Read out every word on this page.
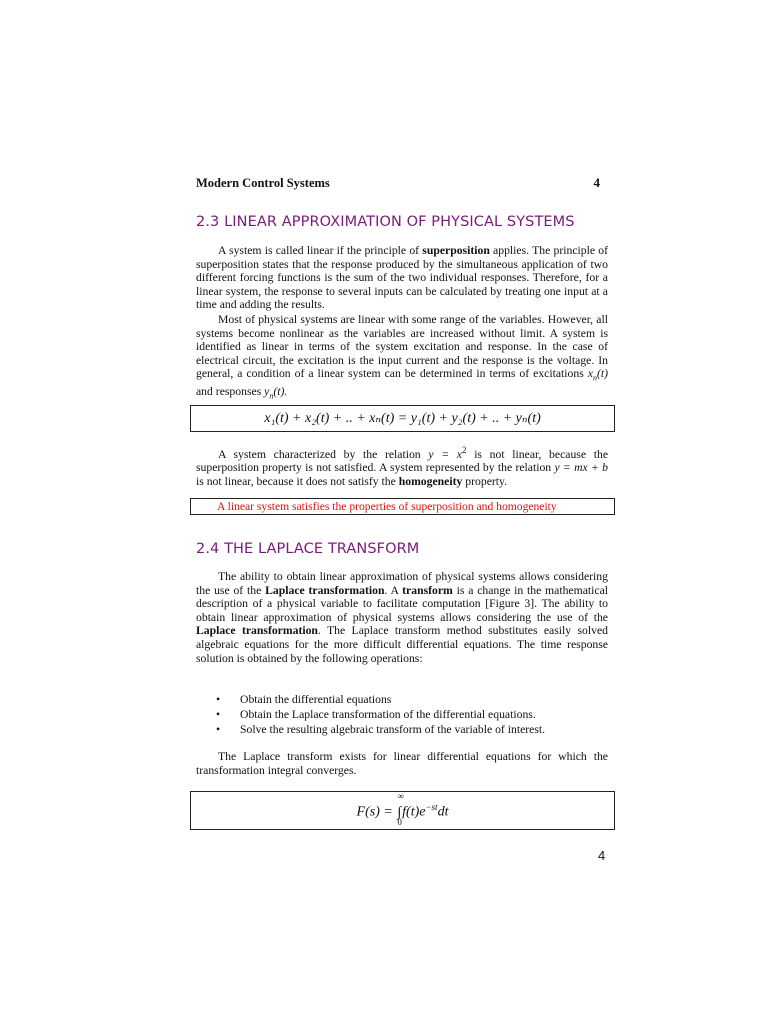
Modern Control Systems	4
2.3 LINEAR APPROXIMATION OF PHYSICAL SYSTEMS
A system is called linear if the principle of superposition applies. The principle of superposition states that the response produced by the simultaneous application of two different forcing functions is the sum of the two individual responses. Therefore, for a linear system, the response to several inputs can be calculated by treating one input at a time and adding the results.
Most of physical systems are linear with some range of the variables. However, all systems become nonlinear as the variables are increased without limit. A system is identified as linear in terms of the system excitation and response. In the case of electrical circuit, the excitation is the input current and the response is the voltage. In general, a condition of a linear system can be determined in terms of excitations $x_n(t)$ and responses $y_n(t)$.
x₁(t) + x₂(t) + .. + xₙ(t) = y₁(t) + y₂(t) + .. + yₙ(t)
A system characterized by the relation $y = x^2$ is not linear, because the superposition property is not satisfied. A system represented by the relation y = mx + b is not linear, because it does not satisfy the homogeneity property.
A linear system satisfies the properties of superposition and homogeneity
2.4 THE LAPLACE TRANSFORM
The ability to obtain linear approximation of physical systems allows considering the use of the Laplace transformation. A transform is a change in the mathematical description of a physical variable to facilitate computation [Figure 3]. The ability to obtain linear approximation of physical systems allows considering the use of the Laplace transformation. The Laplace transform method substitutes easily solved algebraic equations for the more difficult differential equations. The time response solution is obtained by the following operations:
• Obtain the differential equations
• Obtain the Laplace transformation of the differential equations.
• Solve the resulting algebraic transform of the variable of interest.
The Laplace transform exists for linear differential equations for which the transformation integral converges.
F(s) =
∞
∫
0
$f(t)e^{-st}dt$
4
